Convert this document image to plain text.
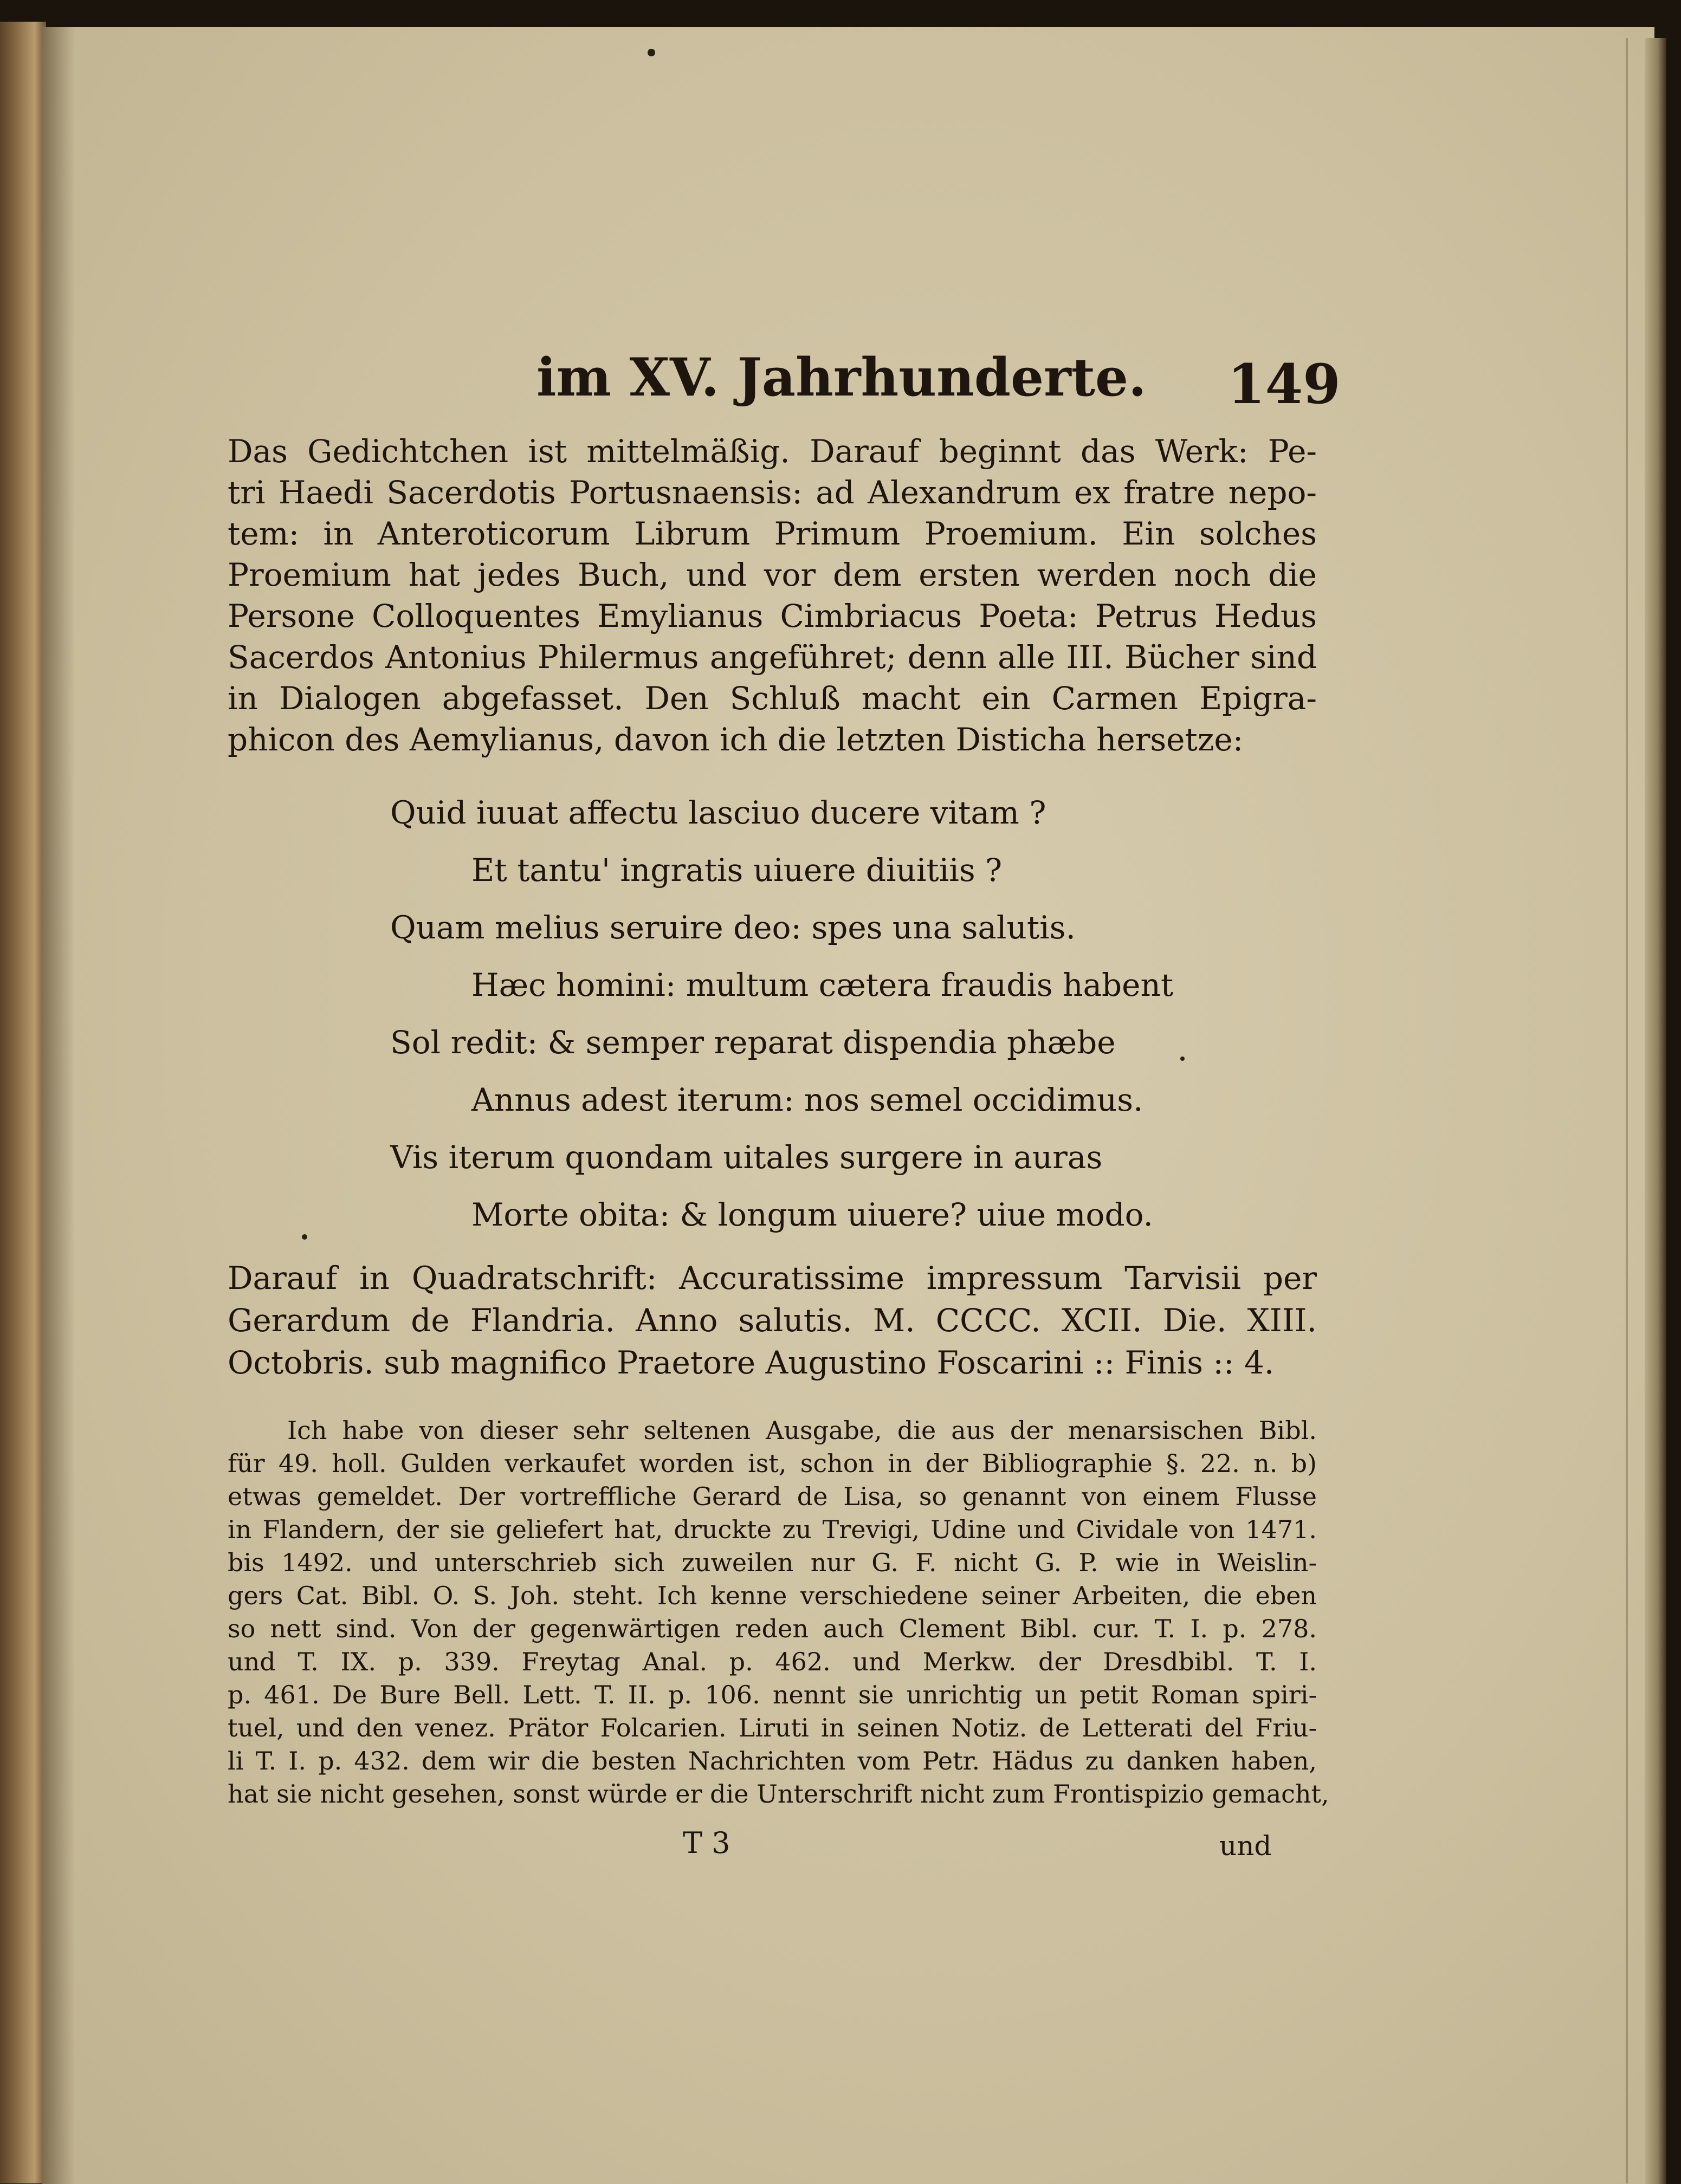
im XV. Jahrhunderte. 149
Das Gedichtchen ist mittelmäßig. Darauf beginnt das Werk: Pe-
tri Haedi Sacerdotis Portusnaensis: ad Alexandrum ex fratre nepo-
tem: in Anteroticorum Librum Primum Proemium. Ein solches
Proemium hat jedes Buch, und vor dem ersten werden noch die
Persone Colloquentes Emylianus Cimbriacus Poeta: Petrus Hedus
Sacerdos Antonius Philermus angeführet; denn alle III. Bücher sind
in Dialogen abgefasset. Den Schluß macht ein Carmen Epigra-
phicon des Aemylianus, davon ich die letzten Disticha hersetze:
Quid iuuat affectu lasciuo ducere vitam ?
Et tantu' ingratis uiuere diuitiis ?
Quam melius seruire deo: spes una salutis.
Hæc homini: multum cætera fraudis habent
Sol redit: & semper reparat dispendia phæbe
Annus adest iterum: nos semel occidimus.
Vis iterum quondam uitales surgere in auras
Morte obita: & longum uiuere? uiue modo.
Darauf in Quadratschrift: Accuratissime impressum Tarvisii per
Gerardum de Flandria. Anno salutis. M. CCCC. XCII. Die. XIII.
Octobris. sub magnifico Praetore Augustino Foscarini :: Finis :: 4.
Ich habe von dieser sehr seltenen Ausgabe, die aus der menarsischen Bibl.
für 49. holl. Gulden verkaufet worden ist, schon in der Bibliographie §. 22. n. b)
etwas gemeldet. Der vortreffliche Gerard de Lisa, so genannt von einem Flusse
in Flandern, der sie geliefert hat, druckte zu Trevigi, Udine und Cividale von 1471.
bis 1492. und unterschrieb sich zuweilen nur G. F. nicht G. P. wie in Weislin-
gers Cat. Bibl. O. S. Joh. steht. Ich kenne verschiedene seiner Arbeiten, die eben
so nett sind. Von der gegenwärtigen reden auch Clement Bibl. cur. T. I. p. 278.
und T. IX. p. 339. Freytag Anal. p. 462. und Merkw. der Dresdbibl. T. I.
p. 461. De Bure Bell. Lett. T. II. p. 106. nennt sie unrichtig un petit Roman spiri-
tuel, und den venez. Prätor Folcarien. Liruti in seinen Notiz. de Letterati del Friu-
li T. I. p. 432. dem wir die besten Nachrichten vom Petr. Hädus zu danken haben,
hat sie nicht gesehen, sonst würde er die Unterschrift nicht zum Frontispizio gemacht,
T 3	und
